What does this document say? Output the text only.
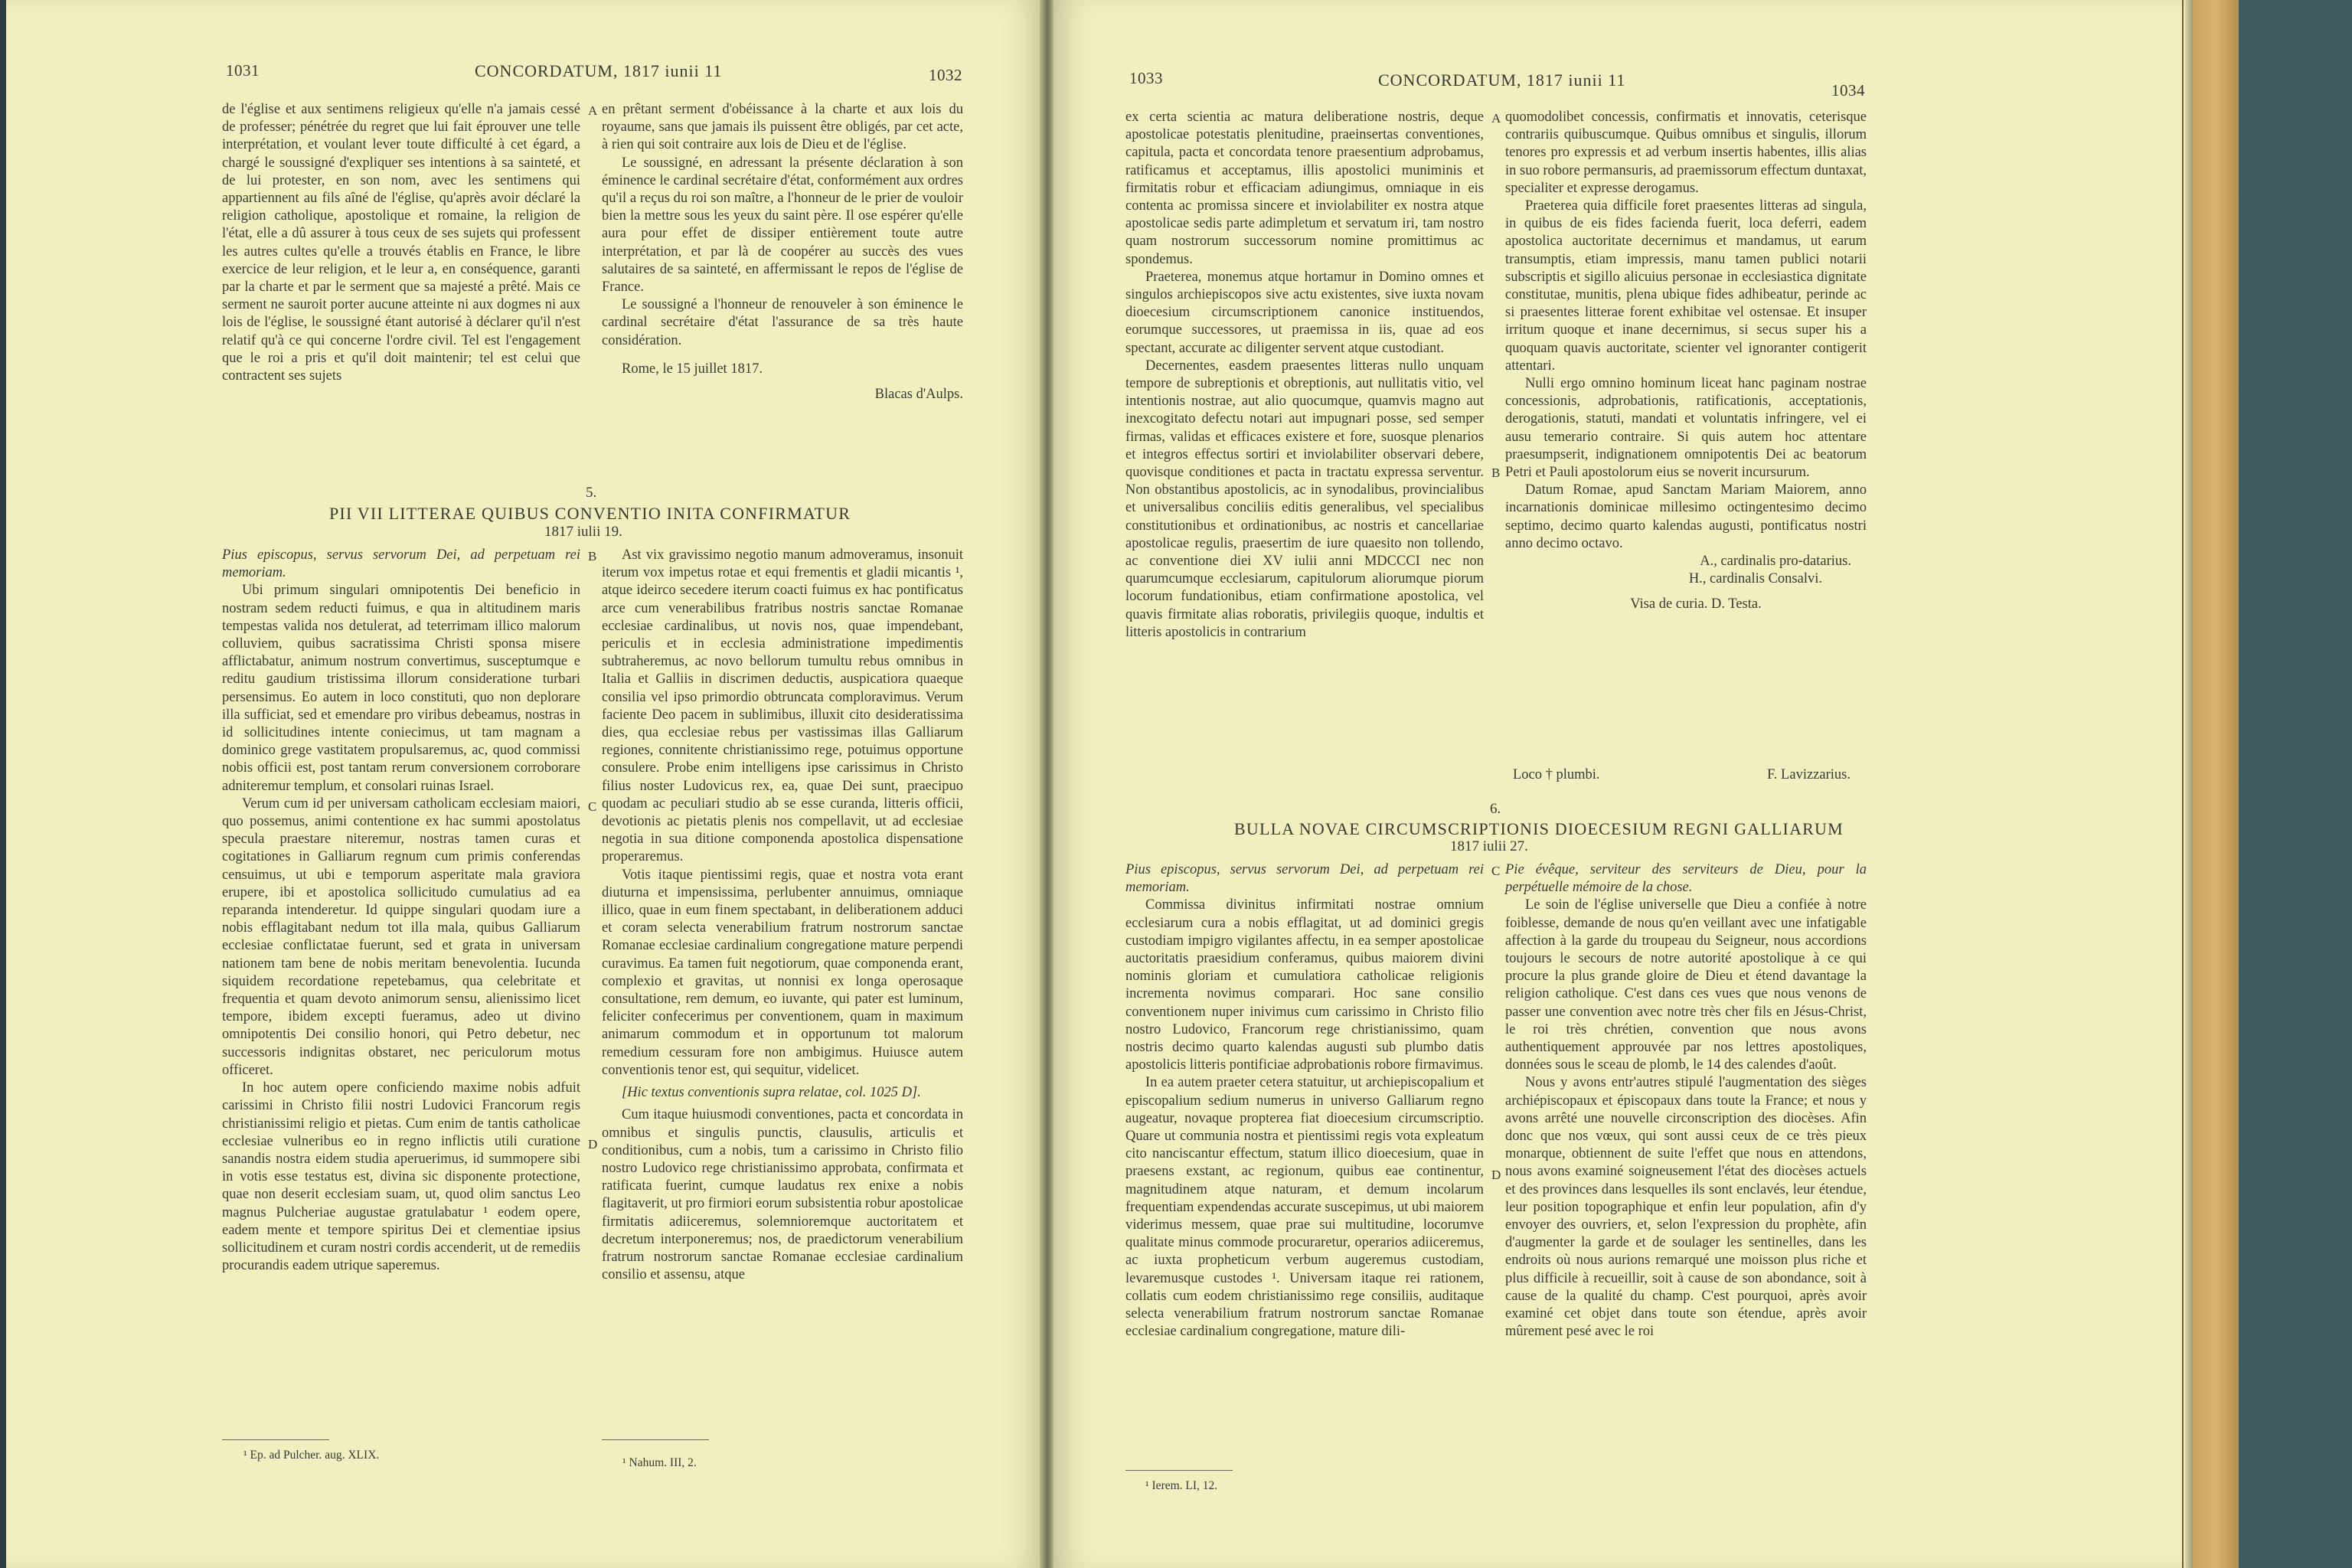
1031	CONCORDATUM, 1817 iunii 11	1032

de l'église et aux sentimens religieux qu'elle n'a jamais cessé de professer; pénétrée du regret que lui fait éprouver une telle interprétation, et voulant lever toute difficulté à cet égard, a chargé le soussigné d'expliquer ses intentions à sa sainteté, et de lui protester, en son nom, avec les sentimens qui appartiennent au fils aîné de l'église, qu'après avoir déclaré la religion catholique, apostolique et romaine, la religion de l'état, elle a dû assurer à tous ceux de ses sujets qui professent les autres cultes qu'elle a trouvés établis en France, le libre exercice de leur religion, et le leur a, en conséquence, garanti par la charte et par le serment que sa majesté a prêté. Mais ce serment ne sauroit porter aucune atteinte ni aux dogmes ni aux lois de l'église, le soussigné étant autorisé à déclarer qu'il n'est relatif qu'à ce qui concerne l'ordre civil. Tel est l'engagement que le roi a pris et qu'il doit maintenir; tel est celui que contractent ses sujets

A en prêtant serment d'obéissance à la charte et aux lois du royaume, sans que jamais ils puissent être obligés, par cet acte, à rien qui soit contraire aux lois de Dieu et de l'église.

Le soussigné, en adressant la présente déclaration à son éminence le cardinal secrétaire d'état, conformément aux ordres qu'il a reçus du roi son maître, a l'honneur de le prier de vouloir bien la mettre sous les yeux du saint père. Il ose espérer qu'elle aura pour effet de dissiper entièrement toute autre interprétation, et par là de coopérer au succès des vues salutaires de sa sainteté, en affermissant le repos de l'église de France.

Le soussigné a l'honneur de renouveler à son éminence le cardinal secrétaire d'état l'assurance de sa très haute considération.

Rome, le 15 juillet 1817.

Blacas d'Aulps.

5.
PII VII LITTERAE QUIBUS CONVENTIO INITA CONFIRMATUR
1817 iulii 19.

Pius episcopus, servus servorum Dei, ad perpetuam rei memoriam.

Ubi primum singulari omnipotentis Dei beneficio in nostram sedem reducti fuimus, e qua in altitudinem maris tempestas valida nos detulerat, ad teterrimam illico malorum colluviem, quibus sacratissima Christi sponsa misere afflictabatur, animum nostrum convertimus, susceptumque e reditu gaudium tristissima illorum consideratione turbari persensimus. Eo autem in loco constituti, quo non deplorare illa sufficiat, sed et emendare pro viribus debeamus, nostras in id sollicitudines intente coniecimus, ut tam magnam a dominico grege vastitatem propulsaremus, ac, quod commissi nobis officii est, post tantam rerum conversionem corroborare adniteremur templum, et consolari ruinas Israel.

Verum cum id per universam catholicam ecclesiam maiori, quo possemus, animi contentione ex hac summi apostolatus specula praestare niteremur, nostras tamen curas et cogitationes in Galliarum regnum cum primis conferendas censuimus, ut ubi e temporum asperitate mala graviora erupere, ibi et apostolica sollicitudo cumulatius ad ea reparanda intenderetur. Id quippe singulari quodam iure a nobis efflagitabant nedum tot illa mala, quibus Galliarum ecclesiae conflictatae fuerunt, sed et grata in universam nationem tam bene de nobis meritam benevolentia. Iucunda siquidem recordatione repetebamus, qua celebritate et frequentia et quam devoto animorum sensu, alienissimo licet tempore, ibidem excepti fueramus, adeo ut divino omnipotentis Dei consilio honori, qui Petro debetur, nec successoris indignitas obstaret, nec periculorum motus officeret.

In hoc autem opere conficiendo maxime nobis adfuit carissimi in Christo filii nostri Ludovici Francorum regis christianissimi religio et pietas. Cum enim de tantis catholicae ecclesiae vulneribus eo in regno inflictis utili curatione sanandis nostra eidem studia aperuerimus, id summopere sibi in votis esse testatus est, divina sic disponente protectione, quae non deserit ecclesiam suam, ut, quod olim sanctus Leo magnus Pulcheriae augustae gratulabatur ¹ eodem opere, eadem mente et tempore spiritus Dei et clementiae ipsius sollicitudinem et curam nostri cordis accenderit, ut de remediis procurandis eadem utrique saperemus.

B
C
D

Ast vix gravissimo negotio manum admoveramus, insonuit iterum vox impetus rotae et equi frementis et gladii micantis ¹, atque ideirco secedere iterum coacti fuimus ex hac pontificatus arce cum venerabilibus fratribus nostris sanctae Romanae ecclesiae cardinalibus, ut novis nos, quae impendebant, periculis et in ecclesia administratione impedimentis subtraheremus, ac novo bellorum tumultu rebus omnibus in Italia et Galliis in discrimen deductis, auspicatiora quaeque consilia vel ipso primordio obtruncata comploravimus. Verum faciente Deo pacem in sublimibus, illuxit cito desideratissima dies, qua ecclesiae rebus per vastissimas illas Galliarum regiones, connitente christianissimo rege, potuimus opportune consulere. Probe enim intelligens ipse carissimus in Christo filius noster Ludovicus rex, ea, quae Dei sunt, praecipuo quodam ac peculiari studio ab se esse curanda, litteris officii, devotionis ac pietatis plenis nos compellavit, ut ad ecclesiae negotia in sua ditione componenda apostolica dispensatione properaremus.

Votis itaque pientissimi regis, quae et nostra vota erant diuturna et impensissima, perlubenter annuimus, omniaque illico, quae in eum finem spectabant, in deliberationem adduci et coram selecta venerabilium fratrum nostrorum sanctae Romanae ecclesiae cardinalium congregatione mature perpendi curavimus. Ea tamen fuit negotiorum, quae componenda erant, complexio et gravitas, ut nonnisi ex longa operosaque consultatione, rem demum, eo iuvante, qui pater est luminum, feliciter confecerimus per conventionem, quam in maximum animarum commodum et in opportunum tot malorum remedium cessuram fore non ambigimus. Huiusce autem conventionis tenor est, qui sequitur, videlicet.

[Hic textus conventionis supra relatae, col. 1025 D].

Cum itaque huiusmodi conventiones, pacta et concordata in omnibus et singulis punctis, clausulis, articulis et conditionibus, cum a nobis, tum a carissimo in Christo filio nostro Ludovico rege christianissimo approbata, confirmata et ratificata fuerint, cumque laudatus rex enixe a nobis flagitaverit, ut pro firmiori eorum subsistentia robur apostolicae firmitatis adiiceremus, solemnioremque auctoritatem et decretum interponeremus; nos, de praedictorum venerabilium fratrum nostrorum sanctae Romanae ecclesiae cardinalium consilio et assensu, atque

¹ Ep. ad Pulcher. aug. XLIX.
¹ Nahum. III, 2.
1033	CONCORDATUM, 1817 iunii 11
1034

ex certa scientia ac matura deliberatione nostris, deque apostolicae potestatis plenitudine, praeinsertas conventiones, capitula, pacta et concordata tenore praesentium adprobamus, ratificamus et acceptamus, illis apostolici muniminis et firmitatis robur et efficaciam adiungimus, omniaque in eis contenta ac promissa sincere et inviolabiliter ex nostra atque apostolicae sedis parte adimpletum et servatum iri, tam nostro quam nostrorum successorum nomine promittimus ac spondemus.

Praeterea, monemus atque hortamur in Domino omnes et singulos archiepiscopos sive actu existentes, sive iuxta novam dioecesium circumscriptionem canonice instituendos, eorumque successores, ut praemissa in iis, quae ad eos spectant, accurate ac diligenter servent atque custodiant.

Decernentes, easdem praesentes litteras nullo unquam tempore de subreptionis et obreptionis, aut nullitatis vitio, vel intentionis nostrae, aut alio quocumque, quamvis magno aut inexcogitato defectu notari aut impugnari posse, sed semper firmas, validas et efficaces existere et fore, suosque plenarios et integros effectus sortiri et inviolabiliter observari debere, quovisque conditiones et pacta in tractatu expressa serventur. Non obstantibus apostolicis, ac in synodalibus, provincialibus et universalibus conciliis editis generalibus, vel specialibus constitutionibus et ordinationibus, ac nostris et cancellariae apostolicae regulis, praesertim de iure quaesito non tollendo, ac conventione diei XV iulii anni MDCCCI nec non quarumcumque ecclesiarum, capitulorum aliorumque piorum locorum fundationibus, etiam confirmatione apostolica, vel quavis firmitate alias roboratis, privilegiis quoque, indultis et litteris apostolicis in contrarium

A
B

quomodolibet concessis, confirmatis et innovatis, ceterisque contrariis quibuscumque. Quibus omnibus et singulis, illorum tenores pro expressis et ad verbum insertis habentes, illis alias in suo robore permansuris, ad praemissorum effectum duntaxat, specialiter et expresse derogamus.

Praeterea quia difficile foret praesentes litteras ad singula, in quibus de eis fides facienda fuerit, loca deferri, eadem apostolica auctoritate decernimus et mandamus, ut earum transumptis, etiam impressis, manu tamen publici notarii subscriptis et sigillo alicuius personae in ecclesiastica dignitate constitutae, munitis, plena ubique fides adhibeatur, perinde ac si praesentes litterae forent exhibitae vel ostensae. Et insuper irritum quoque et inane decernimus, si secus super his a quoquam quavis auctoritate, scienter vel ignoranter contigerit attentari.

Nulli ergo omnino hominum liceat hanc paginam nostrae concessionis, adprobationis, ratificationis, acceptationis, derogationis, statuti, mandati et voluntatis infringere, vel ei ausu temerario contraire. Si quis autem hoc attentare praesumpserit, indignationem omnipotentis Dei ac beatorum Petri et Pauli apostolorum eius se noverit incursurum.

Datum Romae, apud Sanctam Mariam Maiorem, anno incarnationis dominicae millesimo octingentesimo decimo septimo, decimo quarto kalendas augusti, pontificatus nostri anno decimo octavo.

A., cardinalis pro-datarius.

H., cardinalis Consalvi.

Visa de curia. D. Testa.

Loco † plumbi.	F. Lavizzarius.
6.
BULLA NOVAE CIRCUMSCRIPTIONIS DIOECESIUM REGNI GALLIARUM
1817 iulii 27.

Pius episcopus, servus servorum Dei, ad perpetuam rei memoriam.

Commissa divinitus infirmitati nostrae omnium ecclesiarum cura a nobis efflagitat, ut ad dominici gregis custodiam impigro vigilantes affectu, in ea semper apostolicae auctoritatis praesidium conferamus, quibus maiorem divini nominis gloriam et cumulatiora catholicae religionis incrementa novimus comparari. Hoc sane consilio conventionem nuper inivimus cum carissimo in Christo filio nostro Ludovico, Francorum rege christianissimo, quam nostris decimo quarto kalendas augusti sub plumbo datis apostolicis litteris pontificiae adprobationis robore firmavimus.

In ea autem praeter cetera statuitur, ut archiepiscopalium et episcopalium sedium numerus in universo Galliarum regno augeatur, novaque propterea fiat dioecesium circumscriptio. Quare ut communia nostra et pientissimi regis vota expleatum cito nanciscantur effectum, statum illico dioecesium, quae in praesens exstant, ac regionum, quibus eae continentur, magnitudinem atque naturam, et demum incolarum frequentiam expendendas accurate suscepimus, ut ubi maiorem viderimus messem, quae prae sui multitudine, locorumve qualitate minus commode procuraretur, operarios adiiceremus, ac iuxta propheticum verbum augeremus custodiam, levaremusque custodes ¹. Universam itaque rei rationem, collatis cum eodem christianissimo rege consiliis, auditaque selecta venerabilium fratrum nostrorum sanctae Romanae ecclesiae cardinalium congregatione, mature dili-

C
D

Pie évêque, serviteur des serviteurs de Dieu, pour la perpétuelle mémoire de la chose.

Le soin de l'église universelle que Dieu a confiée à notre foiblesse, demande de nous qu'en veillant avec une infatigable affection à la garde du troupeau du Seigneur, nous accordions toujours le secours de notre autorité apostolique à ce qui procure la plus grande gloire de Dieu et étend davantage la religion catholique. C'est dans ces vues que nous venons de passer une convention avec notre très cher fils en Jésus-Christ, le roi très chrétien, convention que nous avons authentiquement approuvée par nos lettres apostoliques, données sous le sceau de plomb, le 14 des calendes d'août.

Nous y avons entr'autres stipulé l'augmentation des sièges archiépiscopaux et épiscopaux dans toute la France; et nous y avons arrêté une nouvelle circonscription des diocèses. Afin donc que nos vœux, qui sont aussi ceux de ce très pieux monarque, obtiennent de suite l'effet que nous en attendons, nous avons examiné soigneusement l'état des diocèses actuels et des provinces dans lesquelles ils sont enclavés, leur étendue, leur position topographique et enfin leur population, afin d'y envoyer des ouvriers, et, selon l'expression du prophète, afin d'augmenter la garde et de soulager les sentinelles, dans les endroits où nous aurions remarqué une moisson plus riche et plus difficile à recueillir, soit à cause de son abondance, soit à cause de la qualité du champ. C'est pourquoi, après avoir examiné cet objet dans toute son étendue, après avoir mûrement pesé avec le roi

¹ Ierem. LI, 12.
